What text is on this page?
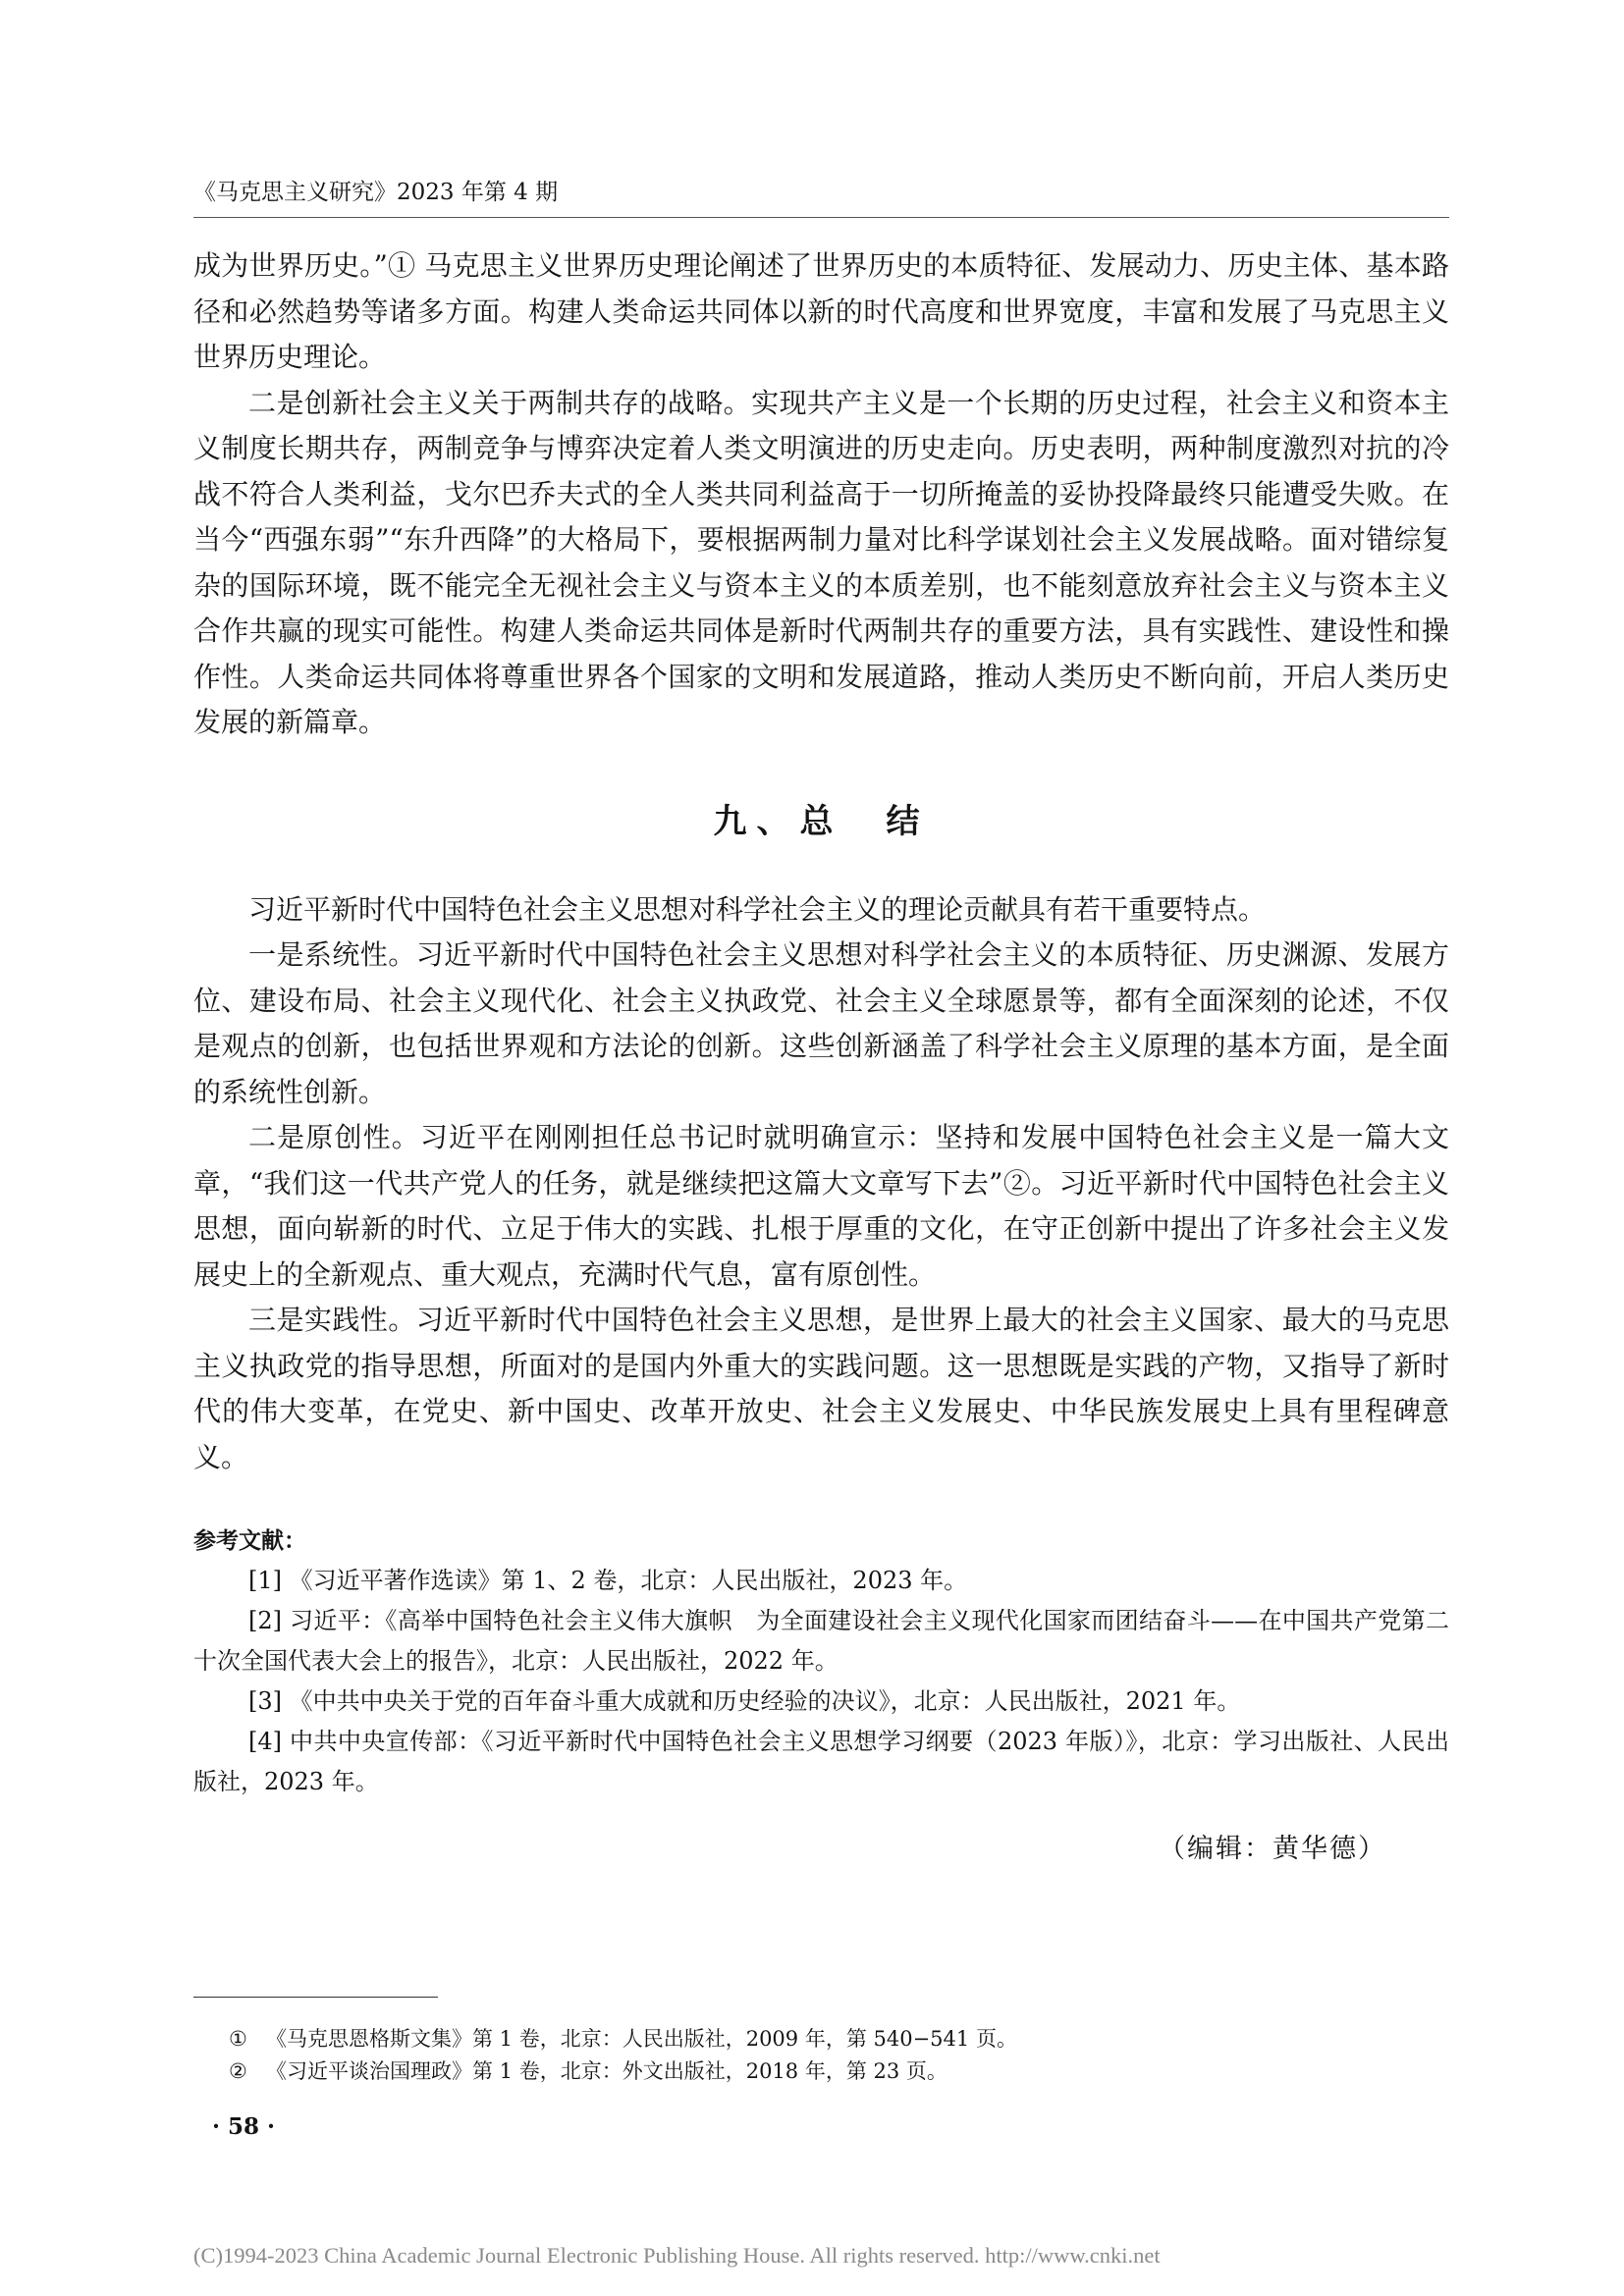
《马克思主义研究》2023 年第 4 期

成为世界历史。”① 马克思主义世界历史理论阐述了世界历史的本质特征、发展动力、历史主体、基本路径和必然趋势等诸多方面。构建人类命运共同体以新的时代高度和世界宽度，丰富和发展了马克思主义世界历史理论。

二是创新社会主义关于两制共存的战略。实现共产主义是一个长期的历史过程，社会主义和资本主义制度长期共存，两制竞争与博弈决定着人类文明演进的历史走向。历史表明，两种制度激烈对抗的冷战不符合人类利益，戈尔巴乔夫式的全人类共同利益高于一切所掩盖的妥协投降最终只能遭受失败。在当今“西强东弱”“东升西降”的大格局下，要根据两制力量对比科学谋划社会主义发展战略。面对错综复杂的国际环境，既不能完全无视社会主义与资本主义的本质差别，也不能刻意放弃社会主义与资本主义合作共赢的现实可能性。构建人类命运共同体是新时代两制共存的重要方法，具有实践性、建设性和操作性。人类命运共同体将尊重世界各个国家的文明和发展道路，推动人类历史不断向前，开启人类历史发展的新篇章。

九、总　结

习近平新时代中国特色社会主义思想对科学社会主义的理论贡献具有若干重要特点。

一是系统性。习近平新时代中国特色社会主义思想对科学社会主义的本质特征、历史渊源、发展方位、建设布局、社会主义现代化、社会主义执政党、社会主义全球愿景等，都有全面深刻的论述，不仅是观点的创新，也包括世界观和方法论的创新。这些创新涵盖了科学社会主义原理的基本方面，是全面的系统性创新。

二是原创性。习近平在刚刚担任总书记时就明确宣示：坚持和发展中国特色社会主义是一篇大文章，“我们这一代共产党人的任务，就是继续把这篇大文章写下去”②。习近平新时代中国特色社会主义思想，面向崭新的时代、立足于伟大的实践、扎根于厚重的文化，在守正创新中提出了许多社会主义发展史上的全新观点、重大观点，充满时代气息，富有原创性。

三是实践性。习近平新时代中国特色社会主义思想，是世界上最大的社会主义国家、最大的马克思主义执政党的指导思想，所面对的是国内外重大的实践问题。这一思想既是实践的产物，又指导了新时代的伟大变革，在党史、新中国史、改革开放史、社会主义发展史、中华民族发展史上具有里程碑意义。

参考文献：

[1] 《习近平著作选读》第 1、2 卷，北京：人民出版社，2023 年。

[2] 习近平：《高举中国特色社会主义伟大旗帜　为全面建设社会主义现代化国家而团结奋斗——在中国共产党第二十次全国代表大会上的报告》，北京：人民出版社，2022 年。

[3] 《中共中央关于党的百年奋斗重大成就和历史经验的决议》，北京：人民出版社，2021 年。

[4] 中共中央宣传部：《习近平新时代中国特色社会主义思想学习纲要（2023 年版）》，北京：学习出版社、人民出版社，2023 年。

（编辑：黄华德）
① 《马克思恩格斯文集》第 1 卷，北京：人民出版社，2009 年，第 540−541 页。
② 《习近平谈治国理政》第 1 卷，北京：外文出版社，2018 年，第 23 页。
· 58 ·
(C)1994-2023 China Academic Journal Electronic Publishing House. All rights reserved. http://www.cnki.net
